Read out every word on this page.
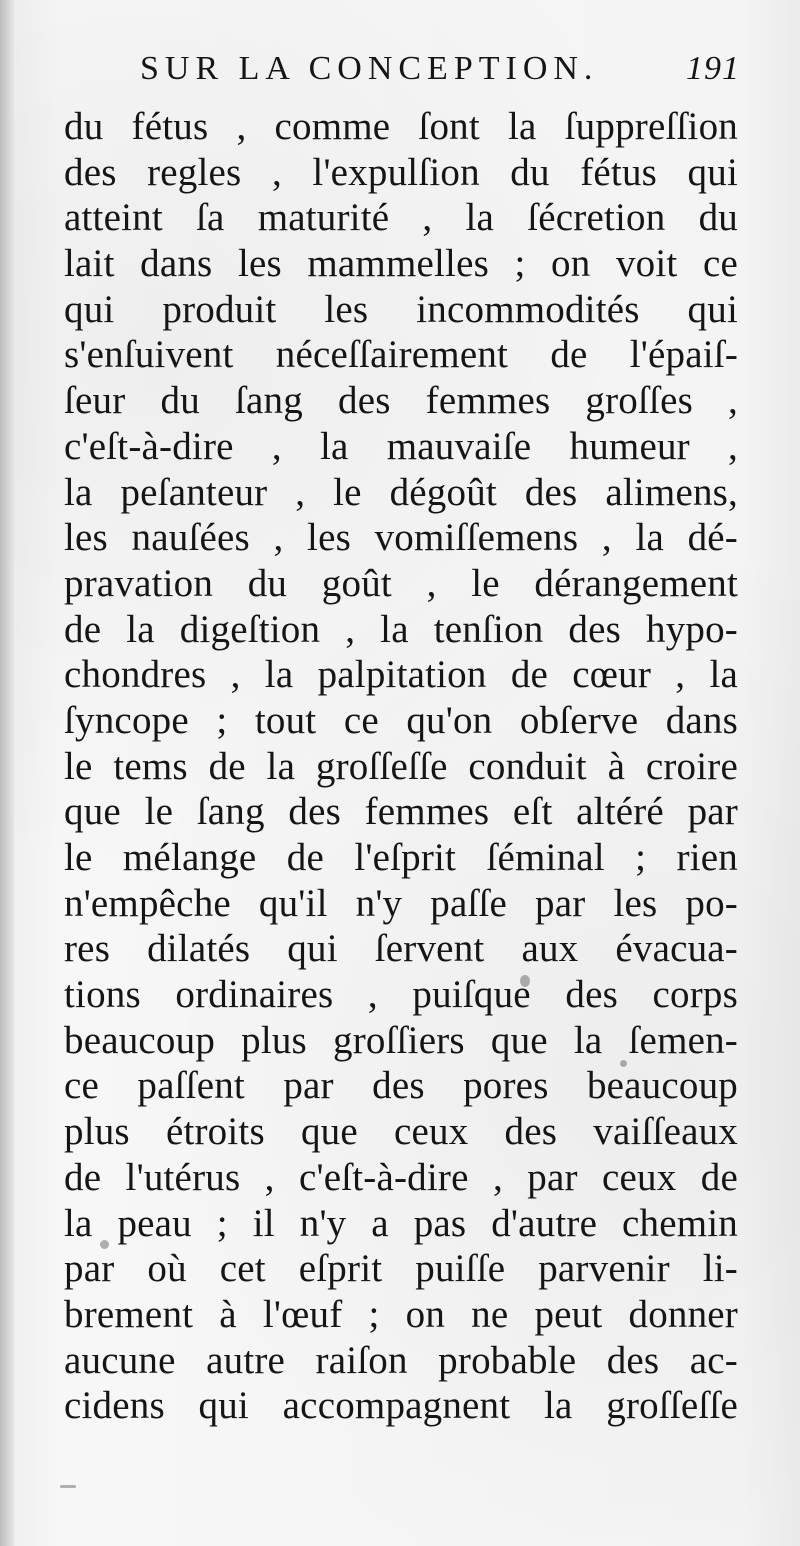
SUR LA CONCEPTION.	191
du fétus , comme ſont la ſuppreſſion
des regles , l'expulſion du fétus qui
atteint ſa maturité , la ſécretion du
lait dans les mammelles ; on voit ce
qui produit les incommodités qui
s'enſuivent néceſſairement de l'épaiſ-
ſeur du ſang des femmes groſſes ,
c'eſt-à-dire , la mauvaiſe humeur ,
la peſanteur , le dégoût des alimens,
les nauſées , les vomiſſemens , la dé-
pravation du goût , le dérangement
de la digeſtion , la tenſion des hypo-
chondres , la palpitation de cœur , la
ſyncope ; tout ce qu'on obſerve dans
le tems de la groſſeſſe conduit à croire
que le ſang des femmes eſt altéré par
le mélange de l'eſprit ſéminal ; rien
n'empêche qu'il n'y paſſe par les po-
res dilatés qui ſervent aux évacua-
tions ordinaires , puiſque des corps
beaucoup plus groſſiers que la ſemen-
ce paſſent par des pores beaucoup
plus étroits que ceux des vaiſſeaux
de l'utérus , c'eſt-à-dire , par ceux de
la peau ; il n'y a pas d'autre chemin
par où cet eſprit puiſſe parvenir li-
brement à l'œuf ; on ne peut donner
aucune autre raiſon probable des ac-
cidens qui accompagnent la groſſeſſe
